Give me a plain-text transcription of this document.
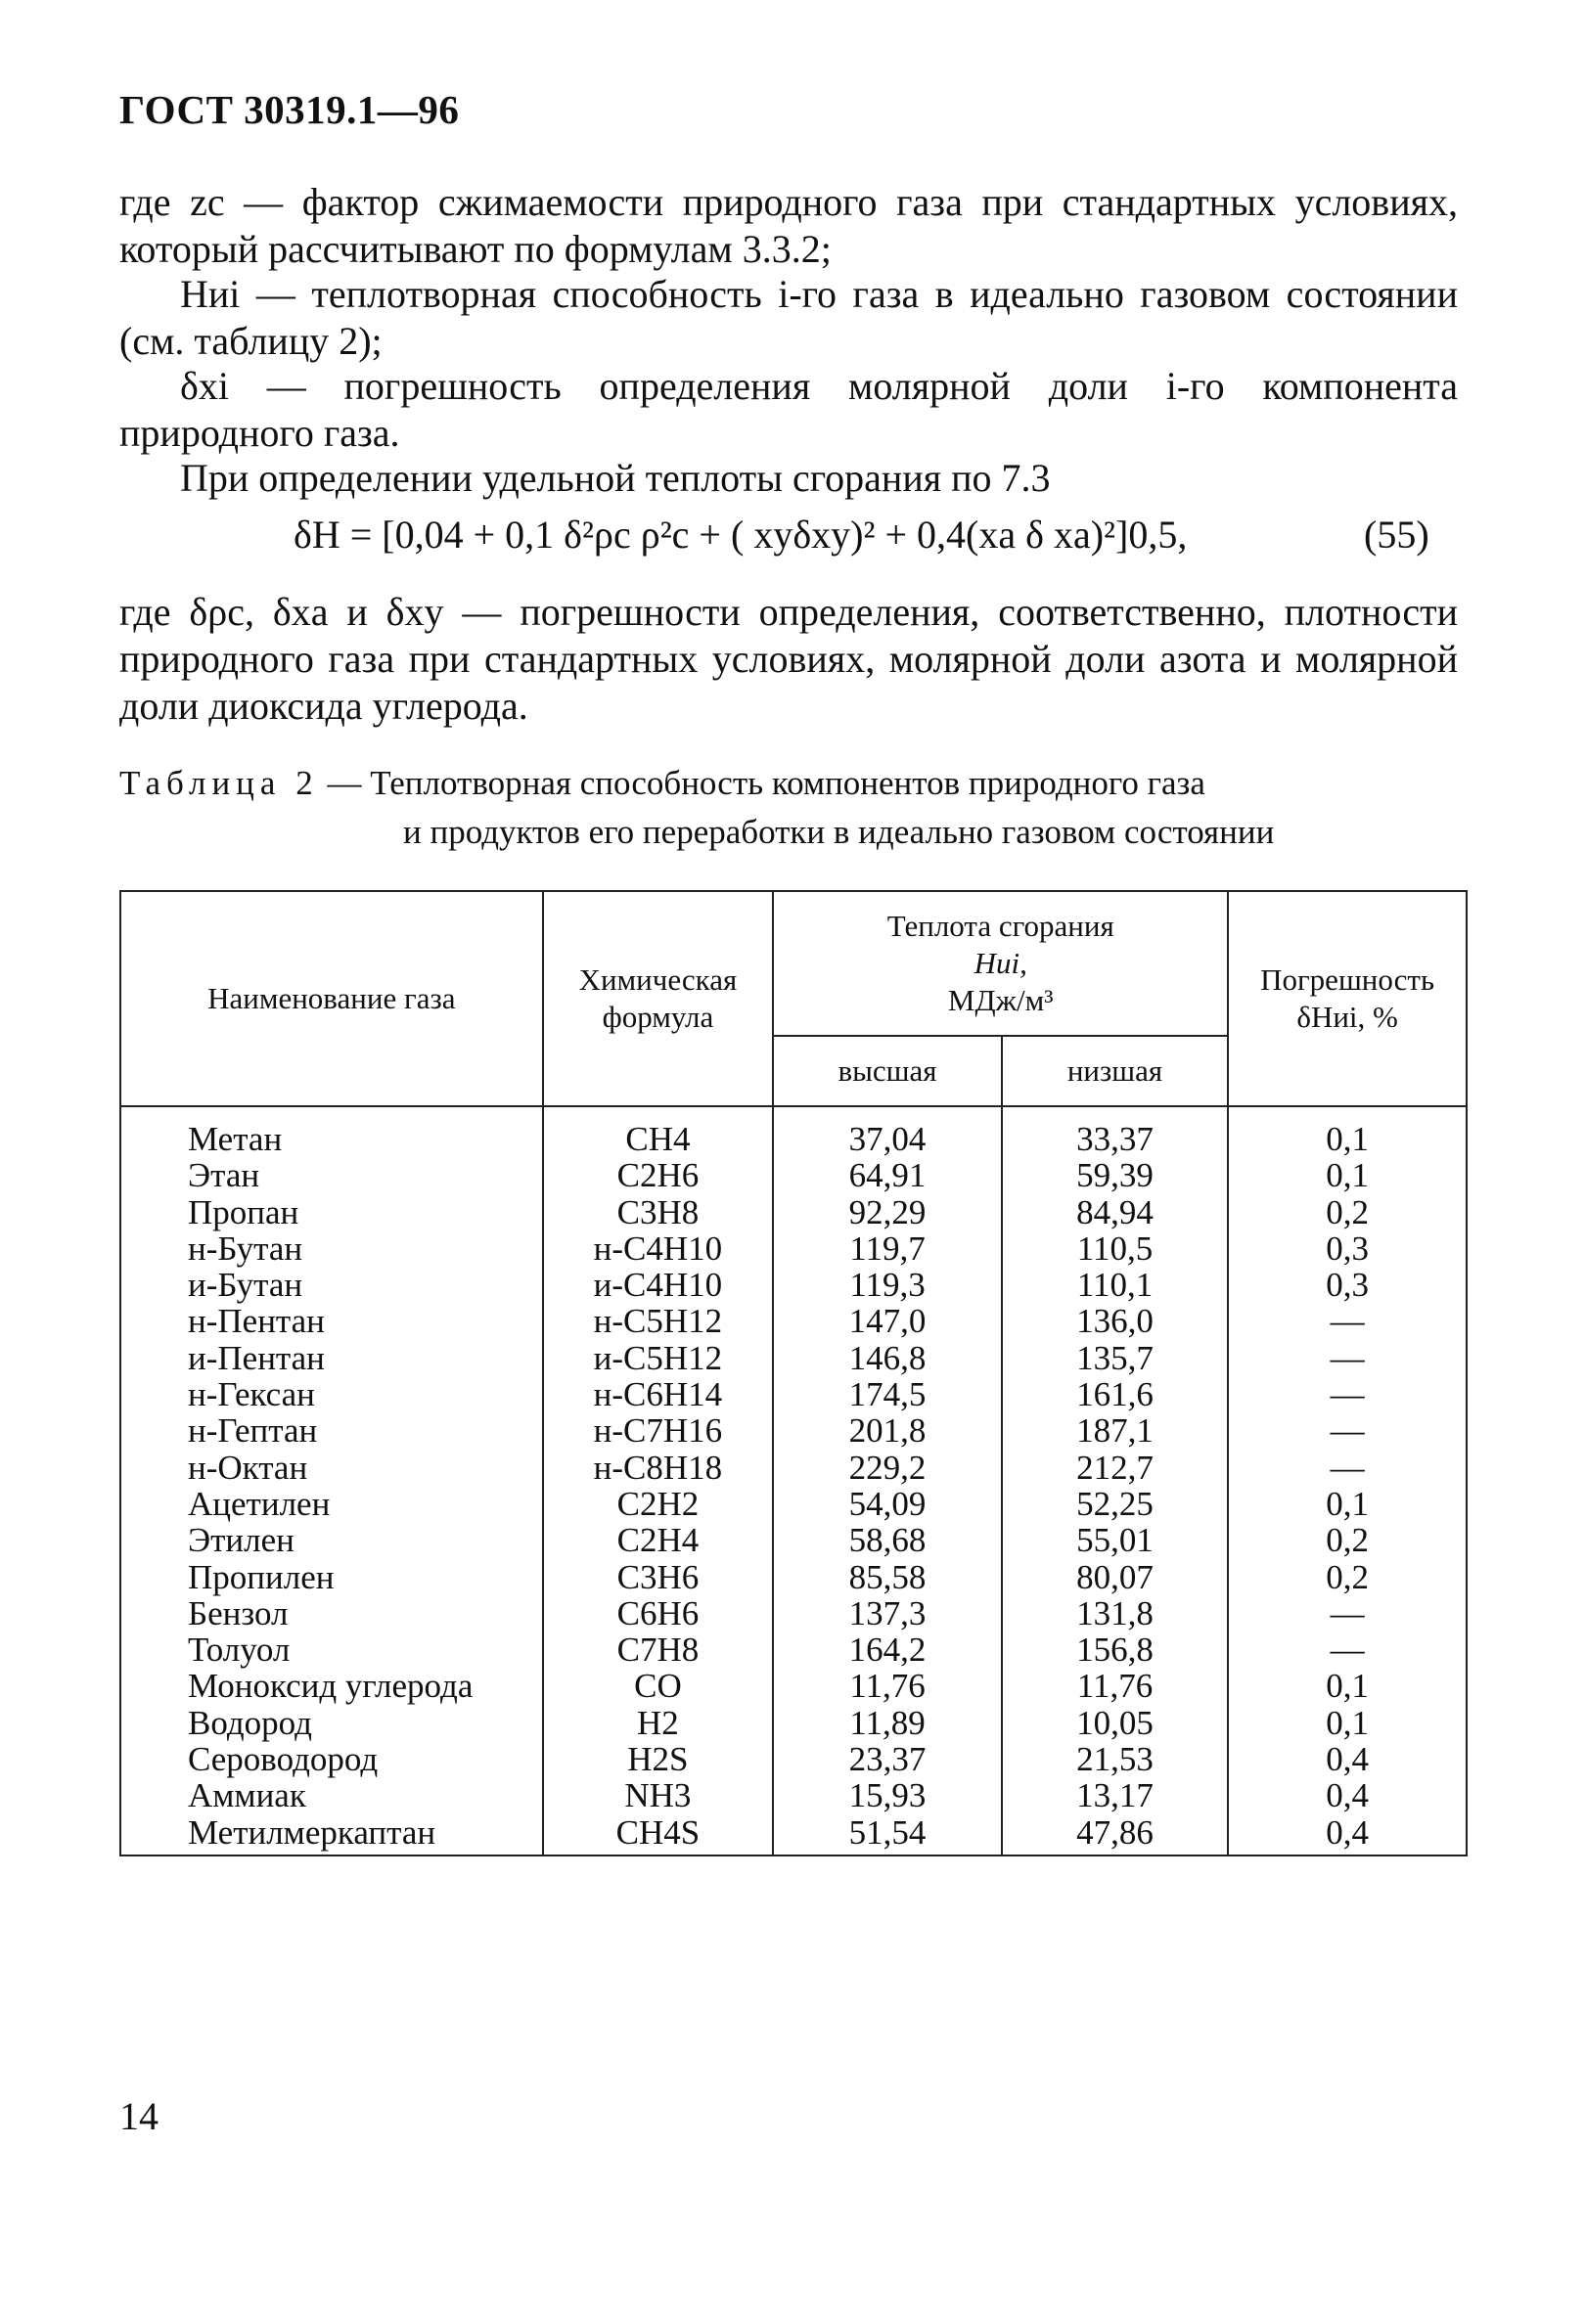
ГОСТ 30319.1—96
где zc — фактор сжимаемости природного газа при стандартных условиях, который рассчитывают по формулам 3.3.2;
Hиi — теплотворная способность i-го газа в идеально газовом состоянии (см. таблицу 2);
δxi — погрешность определения молярной доли i-го компонента природного газа.
При определении удельной теплоты сгорания по 7.3
δH = [0,04 + 0,1 δ²ρc ρ²c + ( xyδxy)² + 0,4(xa δ xa)²]0,5,	(55)
где δρc, δxa и δxy — погрешности определения, соответственно, плотности природного газа при стандартных условиях, молярной доли азота и молярной доли диоксида углерода.
Таблица 2 — Теплотворная способность компонентов природного газа
и продуктов его переработки в идеально газовом состоянии
Наименование газа	Химическая формула	Теплота сгорания
Hиi,
МДж/м³		Погрешность
δHиi, %
		высшая	низшая	
Метан	CH4	37,04	33,37	0,1
Этан	C2H6	64,91	59,39	0,1
Пропан	C3H8	92,29	84,94	0,2
н-Бутан	н-C4H10	119,7	110,5	0,3
и-Бутан	и-C4H10	119,3	110,1	0,3
н-Пентан	н-C5H12	147,0	136,0	—
и-Пентан	и-C5H12	146,8	135,7	—
н-Гексан	н-C6H14	174,5	161,6	—
н-Гептан	н-C7H16	201,8	187,1	—
н-Октан	н-C8H18	229,2	212,7	—
Ацетилен	C2H2	54,09	52,25	0,1
Этилен	C2H4	58,68	55,01	0,2
Пропилен	C3H6	85,58	80,07	0,2
Бензол	C6H6	137,3	131,8	—
Толуол	C7H8	164,2	156,8	—
Моноксид углерода	CO	11,76	11,76	0,1
Водород	H2	11,89	10,05	0,1
Сероводород	H2S	23,37	21,53	0,4
Аммиак	NH3	15,93	13,17	0,4
Метилмеркаптан	CH4S	51,54	47,86	0,4
14
